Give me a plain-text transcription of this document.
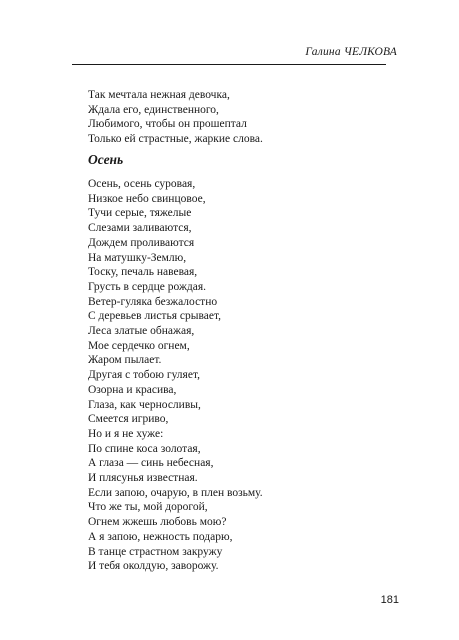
Галина ЧЕЛКОВА
Так мечтала нежная девочка,
Ждала его, единственного,
Любимого, чтобы он прошептал
Только ей страстные, жаркие слова.
Осень
Осень, осень суровая,
Низкое небо свинцовое,
Тучи серые, тяжелые
Слезами заливаются,
Дождем проливаются
На матушку-Землю,
Тоску, печаль навевая,
Грусть в сердце рождая.
Ветер-гуляка безжалостно
С деревьев листья срывает,
Леса златые обнажая,
Мое сердечко огнем,
Жаром пылает.
Другая с тобою гуляет,
Озорна и красива,
Глаза, как черносливы,
Смеется игриво,
Но и я не хуже:
По спине коса золотая,
А глаза — синь небесная,
И плясунья известная.
Если запою, очарую, в плен возьму.
Что же ты, мой дорогой,
Огнем жжешь любовь мою?
А я запою, нежность подарю,
В танце страстном закружу
И тебя околдую, заворожу.
181
